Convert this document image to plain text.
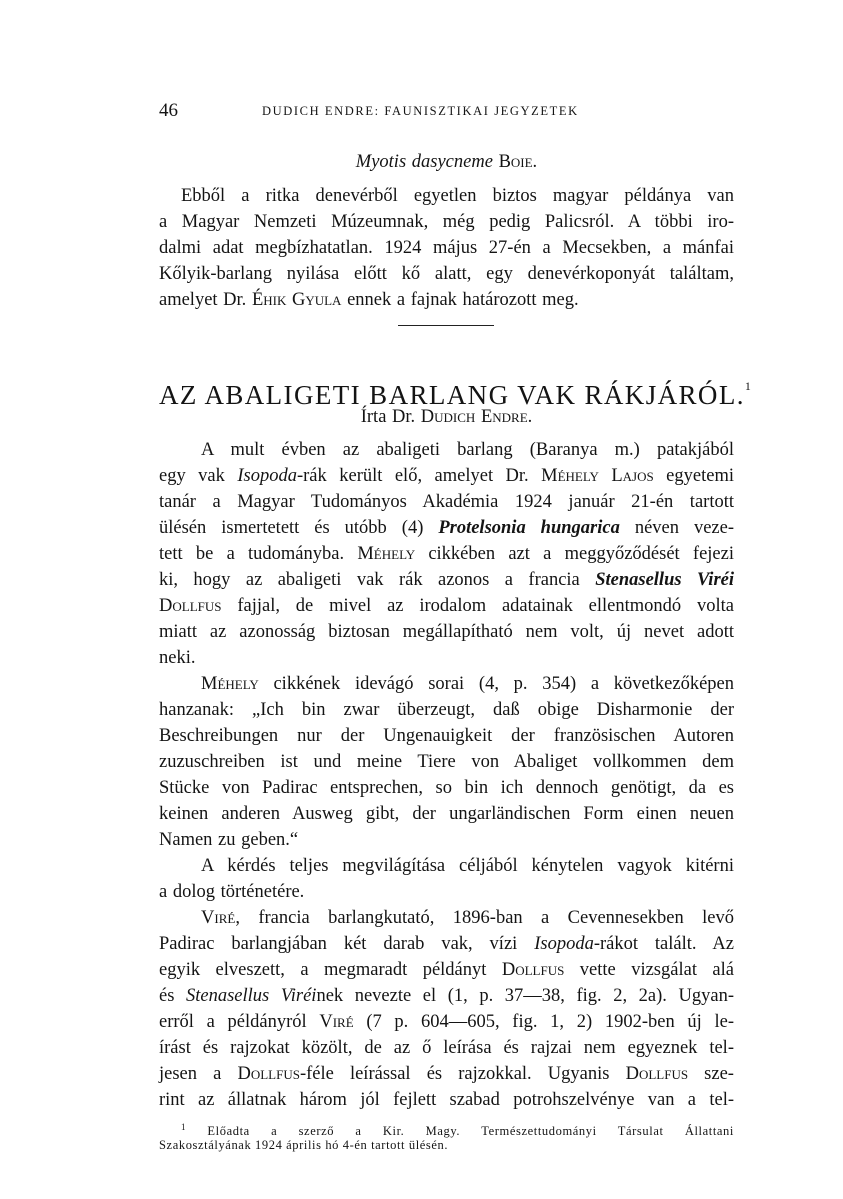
46	DUDICH ENDRE: FAUNISZTIKAI JEGYZETEK
Myotis dasycneme Boie.
Ebből a ritka denevérből egyetlen biztos magyar példánya van
a Magyar Nemzeti Múzeumnak, még pedig Palicsról. A többi iro-
dalmi adat megbízhatatlan. 1924 május 27-én a Mecsekben, a mánfai
Kőlyik-barlang nyilása előtt kő alatt, egy denevérkoponyát találtam,
amelyet Dr. Éhik Gyula ennek a fajnak határozott meg.
AZ ABALIGETI BARLANG VAK RÁKJÁRÓL.$^1$
Írta Dr. Dudich Endre.
A mult évben az abaligeti barlang (Baranya m.) patakjából
egy vak Isopoda-rák került elő, amelyet Dr. Méhely Lajos egyetemi
tanár a Magyar Tudományos Akadémia 1924 január 21-én tartott
ülésén ismertetett és utóbb (4) Protelsonia hungarica néven veze-
tett be a tudományba. Méhely cikkében azt a meggyőződését fejezi
ki, hogy az abaligeti vak rák azonos a francia Stenasellus Viréi
Dollfus fajjal, de mivel az irodalom adatainak ellentmondó volta
miatt az azonosság biztosan megállapítható nem volt, új nevet adott
neki.
Méhely cikkének idevágó sorai (4, p. 354) a következőképen
hanzanak: „Ich bin zwar überzeugt, daß obige Disharmonie der
Beschreibungen nur der Ungenauigkeit der französischen Autoren
zuzuschreiben ist und meine Tiere von Abaliget vollkommen dem
Stücke von Padirac entsprechen, so bin ich dennoch genötigt, da es
keinen anderen Ausweg gibt, der ungarländischen Form einen neuen
Namen zu geben.“
A kérdés teljes megvilágítása céljából kénytelen vagyok kitérni
a dolog történetére.
Viré, francia barlangkutató, 1896-ban a Cevennesekben levő
Padirac barlangjában két darab vak, vízi Isopoda-rákot talált. Az
egyik elveszett, a megmaradt példányt Dollfus vette vizsgálat alá
és Stenasellus Viréinek nevezte el (1, p. 37—38, fig. 2, 2a). Ugyan-
erről a példányról Viré (7 p. 604—605, fig. 1, 2) 1902-ben új le-
írást és rajzokat közölt, de az ő leírása és rajzai nem egyeznek tel-
jesen a Dollfus-féle leírással és rajzokkal. Ugyanis Dollfus sze-
rint az állatnak három jól fejlett szabad potrohszelvénye van a tel-
$^1$ Előadta a szerző a Kir. Magy. Természettudományi Társulat Állattani
Szakosztályának 1924 április hó 4-én tartott ülésén.
